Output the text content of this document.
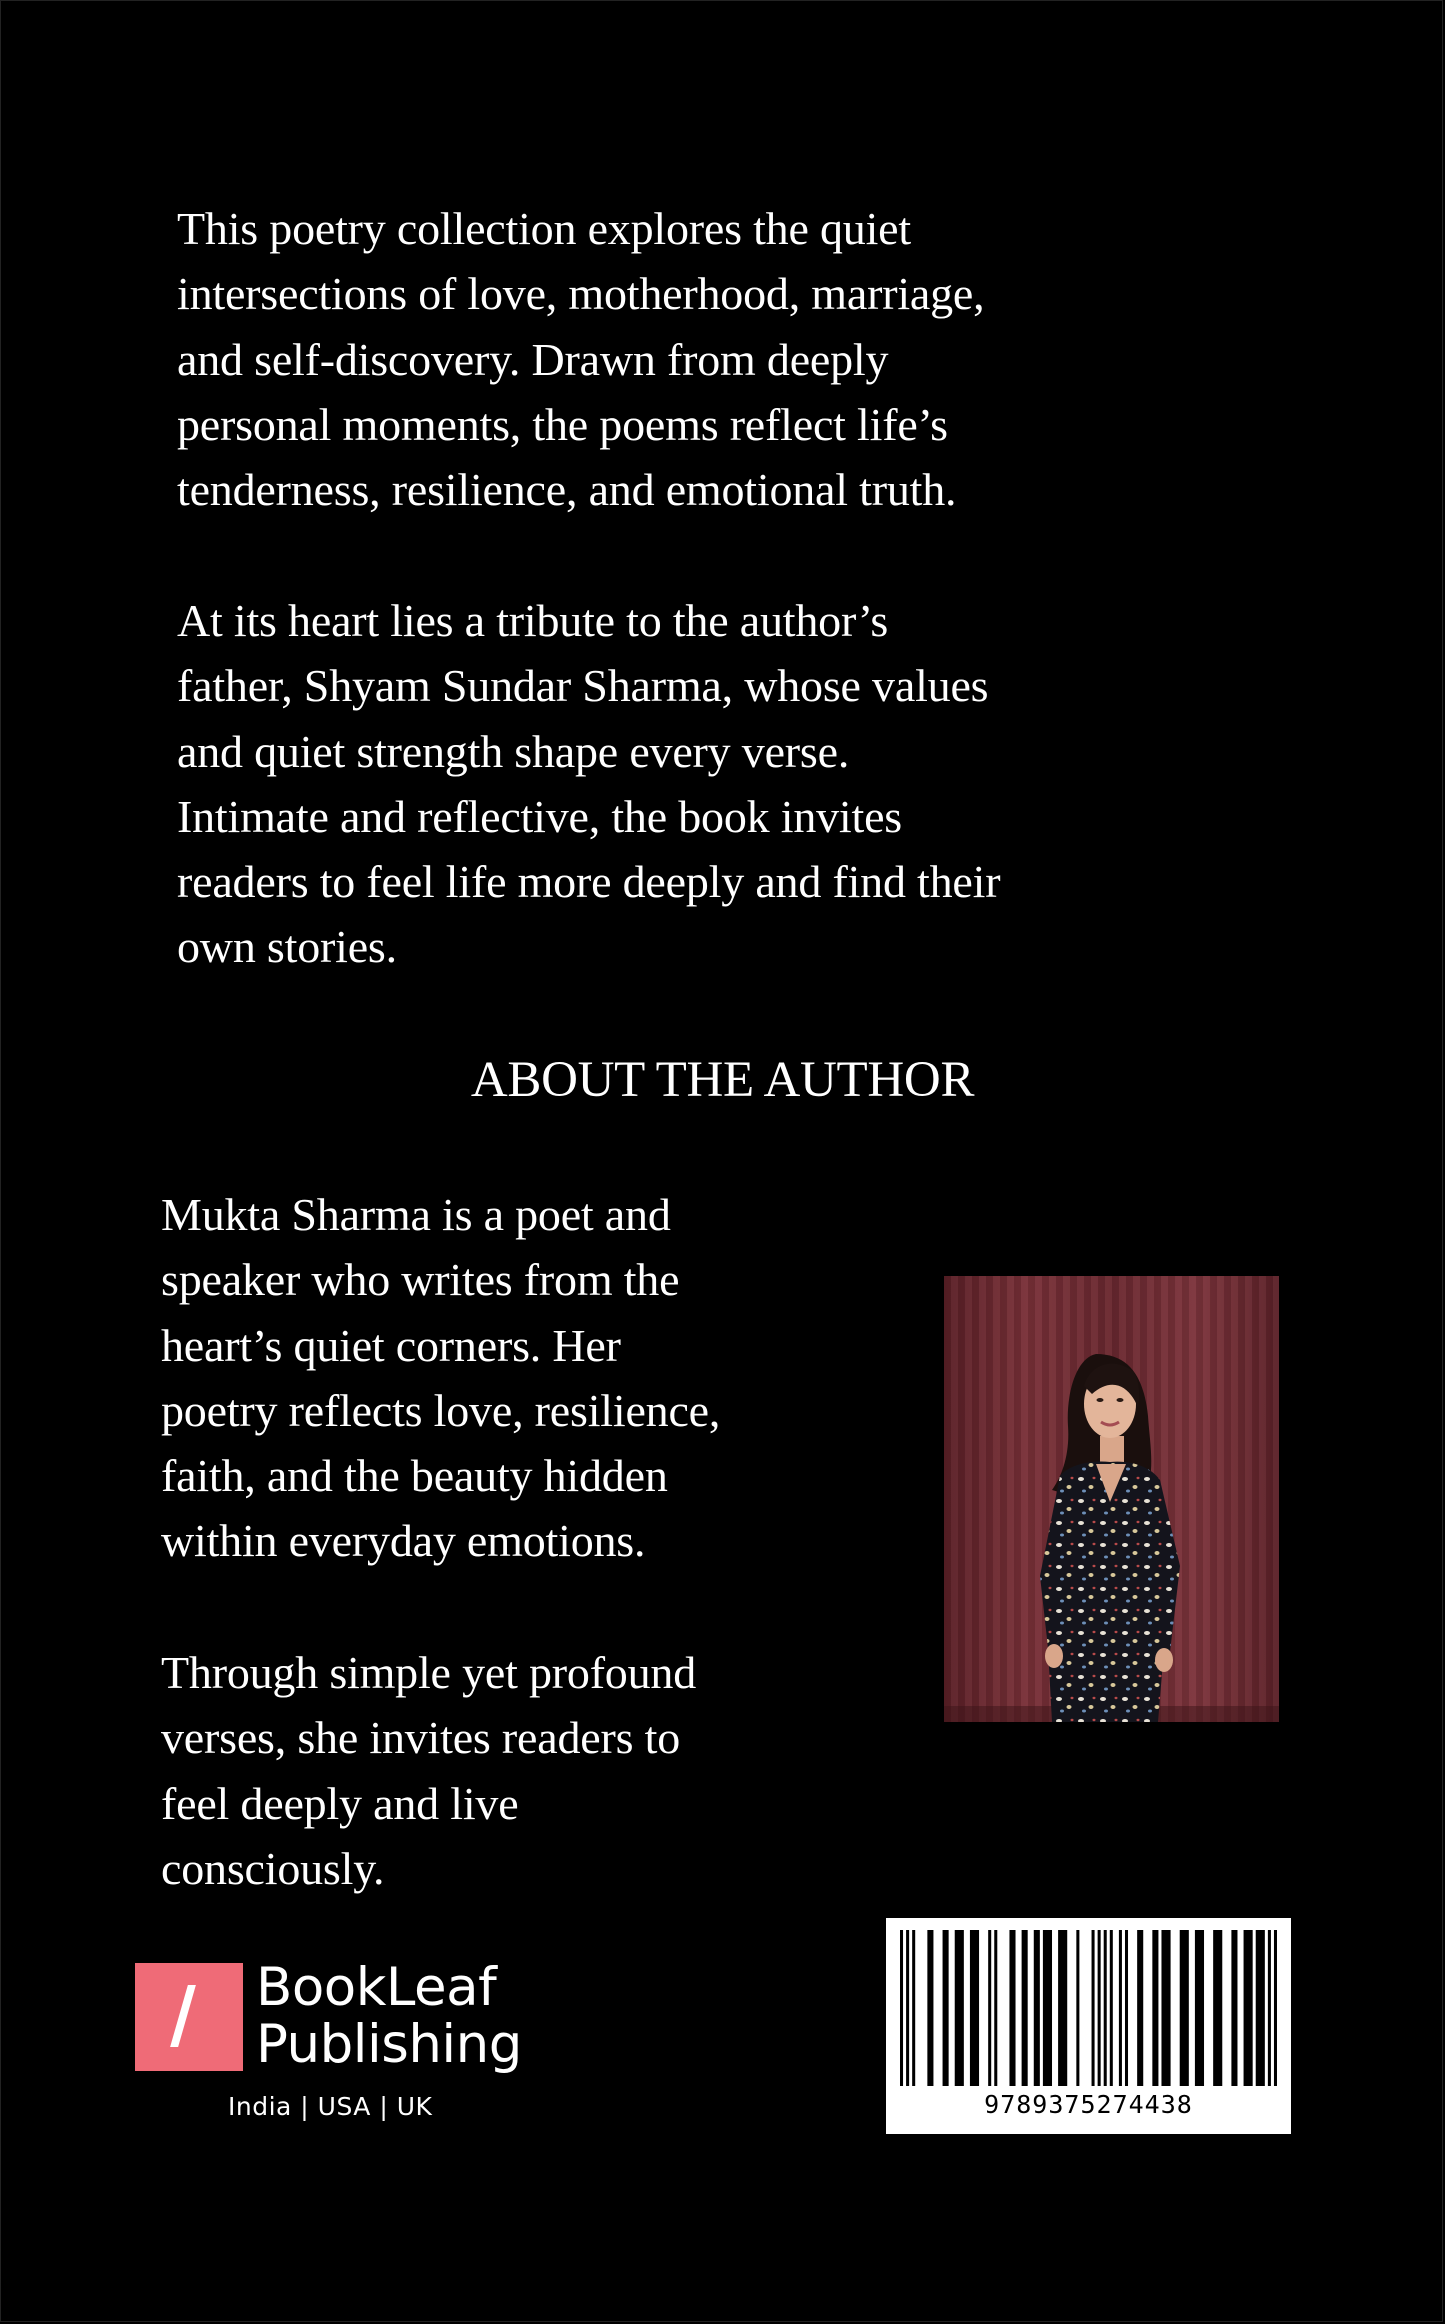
This poetry collection explores the quiet
intersections of love, motherhood, marriage,
and self-discovery. Drawn from deeply
personal moments, the poems reflect life’s
tenderness, resilience, and emotional truth.
At its heart lies a tribute to the author’s
father, Shyam Sundar Sharma, whose values
and quiet strength shape every verse.
Intimate and reflective, the book invites
readers to feel life more deeply and find their
own stories.
ABOUT THE AUTHOR
Mukta Sharma is a poet and
speaker who writes from the
heart’s quiet corners. Her
poetry reflects love, resilience,
faith, and the beauty hidden
within everyday emotions.
Through simple yet profound
verses, she invites readers to
feel deeply and live
consciously.
BookLeaf
Publishing
India | USA | UK	9789375274438
